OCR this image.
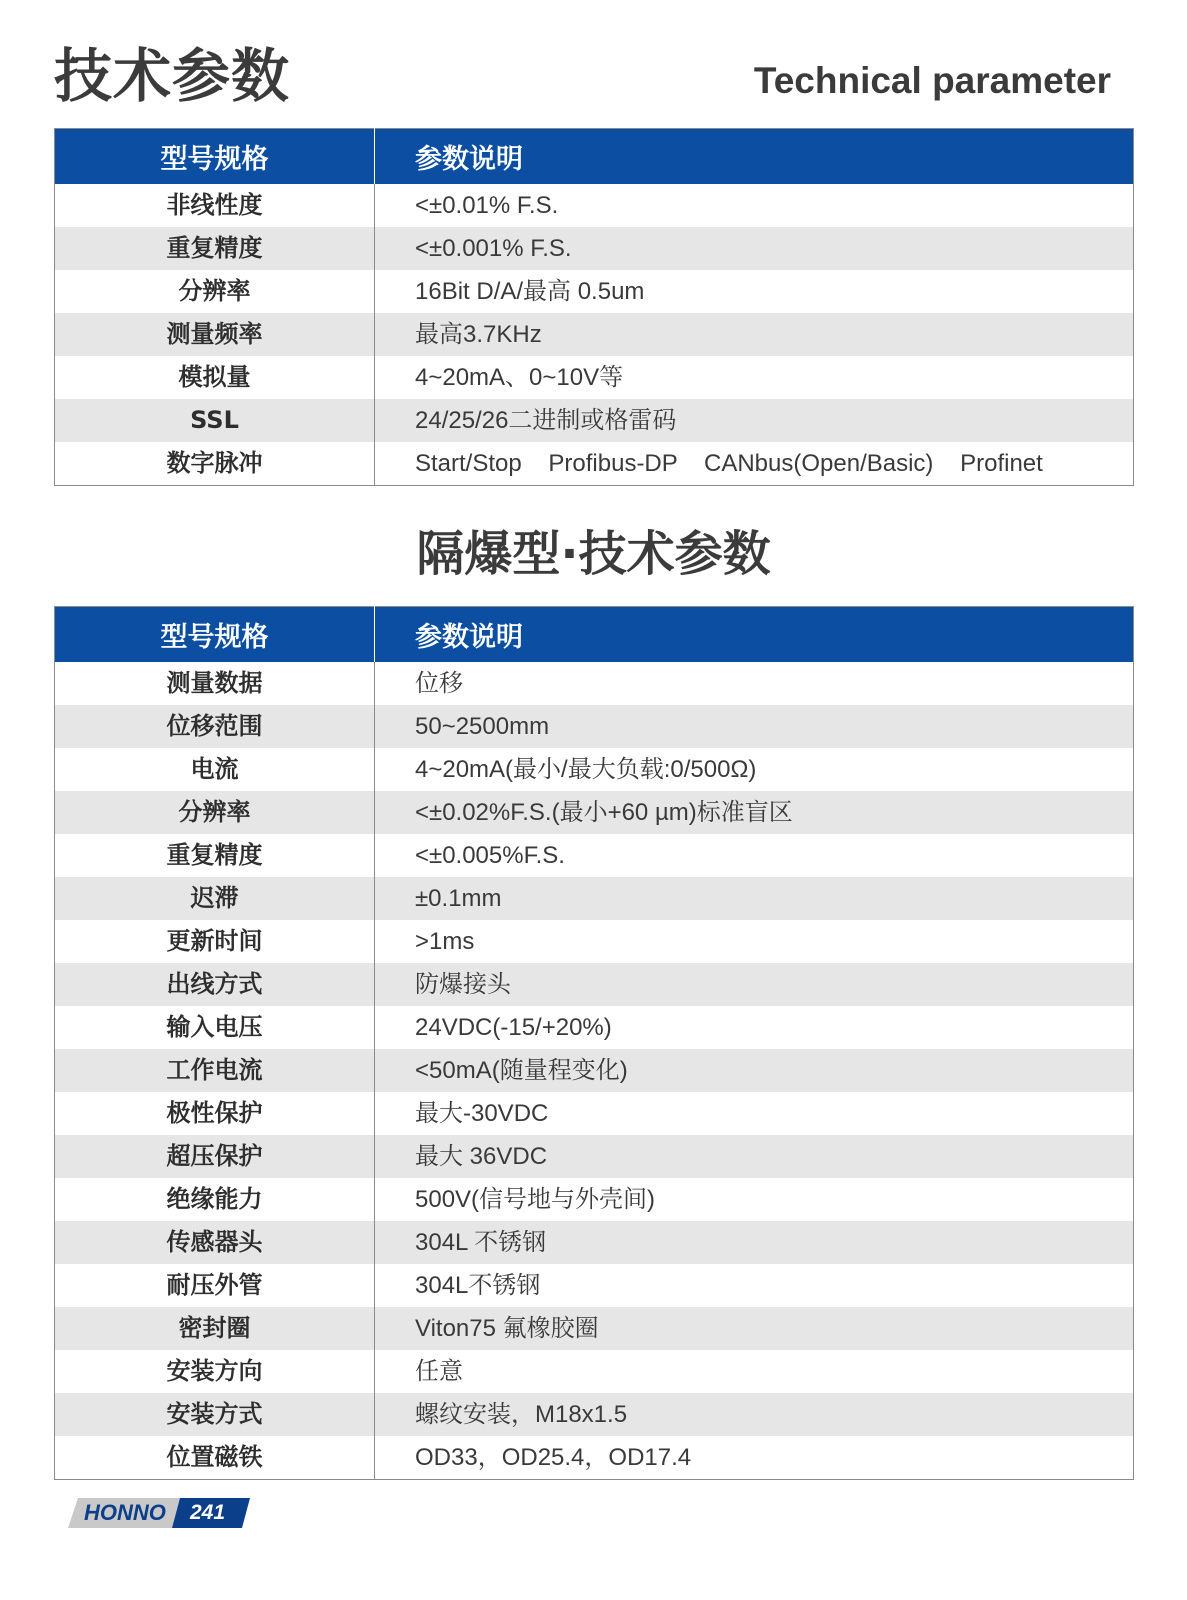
技术参数	Technical parameter
型号规格	参数说明
非线性度	<±0.01% F.S.
重复精度	<±0.001% F.S.
分辨率	16Bit D/A/最高 0.5um
测量频率	最高3.7KHz
模拟量	4~20mA、0~10V等
SSL	24/25/26二进制或格雷码
数字脉冲	Start/Stop    Profibus-DP    CANbus(Open/Basic)    Profinet
隔爆型·技术参数
型号规格	参数说明
测量数据	位移
位移范围	50~2500mm
电流	4~20mA(最小/最大负载:0/500Ω)
分辨率	<±0.02%F.S.(最小+60 µm)标准盲区
重复精度	<±0.005%F.S.
迟滞	±0.1mm
更新时间	>1ms
出线方式	防爆接头
输入电压	24VDC(-15/+20%)
工作电流	<50mA(随量程变化)
极性保护	最大-30VDC
超压保护	最大 36VDC
绝缘能力	500V(信号地与外壳间)
传感器头	304L 不锈钢
耐压外管	304L不锈钢
密封圈	Viton75 氟橡胶圈
安装方向	任意
安装方式	螺纹安装，M18x1.5
位置磁铁	OD33，OD25.4，OD17.4
HONNO 241
